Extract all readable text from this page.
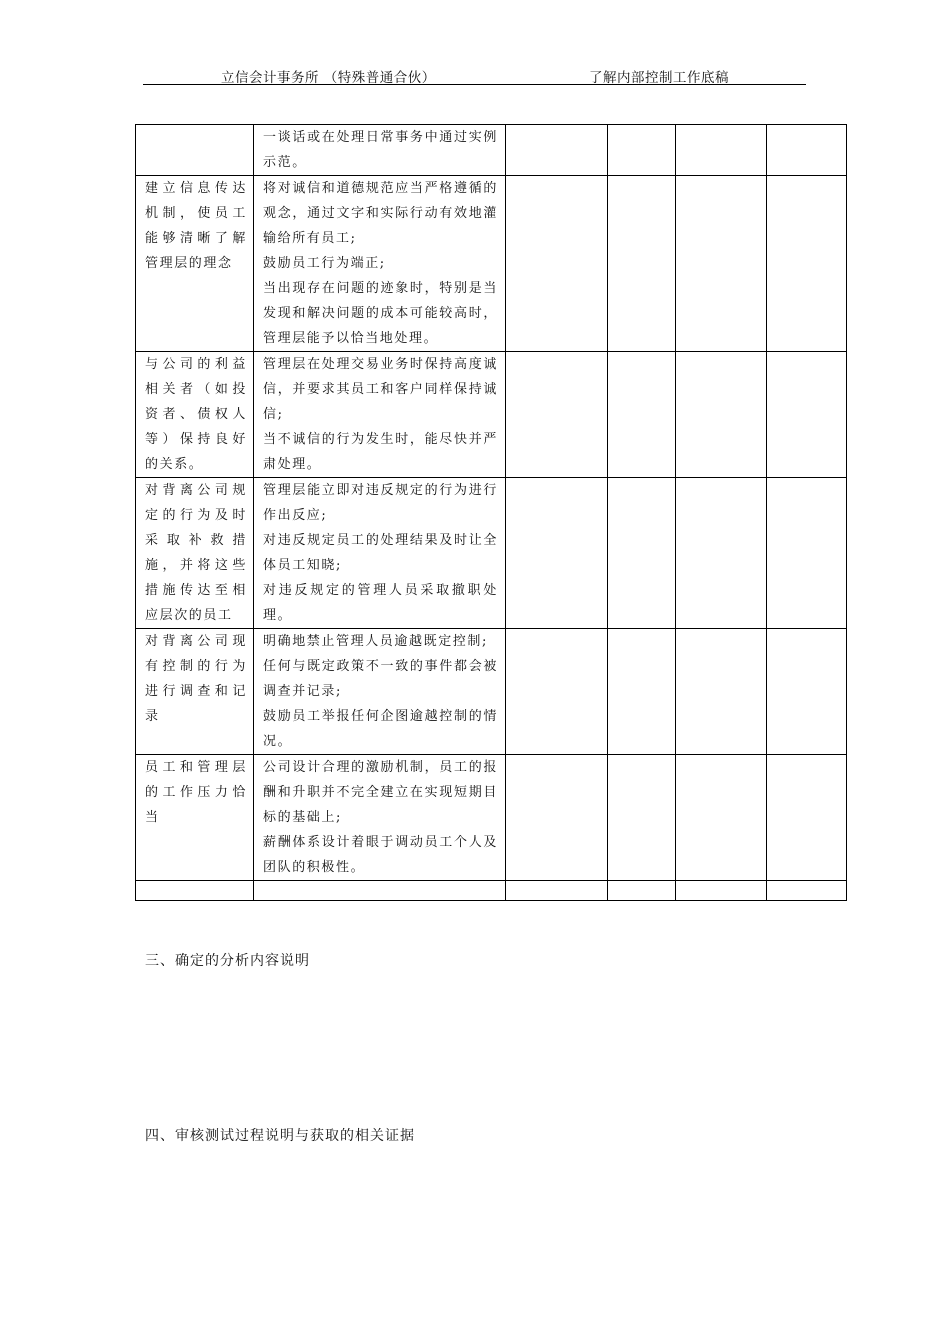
立信会计事务所 （特殊普通合伙）	了解内部控制工作底稿

	一谈话或在处理日常事务中通过实例示范。				

建立信息传达机制，使员工能够清晰了解管理层的理念	将对诚信和道德规范应当严格遵循的观念，通过文字和实际行动有效地灌输给所有员工;
鼓励员工行为端正;
当出现存在问题的迹象时，特别是当发现和解决问题的成本可能较高时，管理层能予以恰当地处理。				

与公司的利益相关者（如投资者、债权人等）保持良好的关系。	管理层在处理交易业务时保持高度诚信，并要求其员工和客户同样保持诚信;
当不诚信的行为发生时，能尽快并严肃处理。				

对背离公司规定的行为及时采取补救措施，并将这些措施传达至相应层次的员工	管理层能立即对违反规定的行为进行作出反应;
对违反规定员工的处理结果及时让全体员工知晓;
对违反规定的管理人员采取撤职处理。				

对背离公司现有控制的行为进行调查和记录	明确地禁止管理人员逾越既定控制;
任何与既定政策不一致的事件都会被调查并记录;
鼓励员工举报任何企图逾越控制的情况。				

员工和管理层的工作压力恰当	公司设计合理的激励机制，员工的报酬和升职并不完全建立在实现短期目标的基础上;
薪酬体系设计着眼于调动员工个人及团队的积极性。				

三、确定的分析内容说明
四、审核测试过程说明与获取的相关证据
